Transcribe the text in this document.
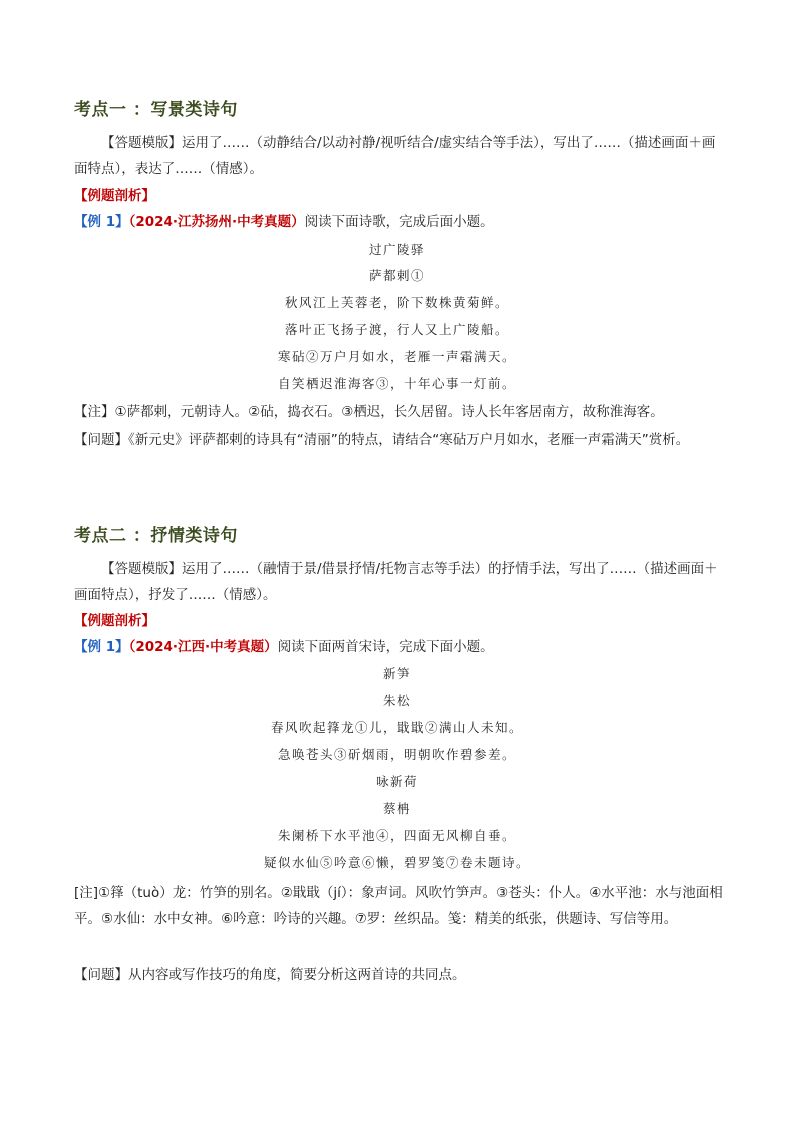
考点一 ：写景类诗句
【答题模版】运用了……（动静结合/以动衬静/视听结合/虚实结合等手法），写出了……（描述画面＋画面特点），表达了……（情感）。
【例题剖析】
【例 1】（2024·江苏扬州·中考真题）阅读下面诗歌，完成后面小题。
过广陵驿
萨都剌①
秋风江上芙蓉老，阶下数株黄菊鲜。
落叶正飞扬子渡，行人又上广陵船。
寒砧②万户月如水，老雁一声霜满天。
自笑栖迟淮海客③，十年心事一灯前。
【注】①萨都剌，元朝诗人。②砧，捣衣石。③栖迟，长久居留。诗人长年客居南方，故称淮海客。
【问题】《新元史》评萨都剌的诗具有“清丽”的特点，请结合“寒砧万户月如水，老雁一声霜满天”赏析。
考点二 ：抒情类诗句
【答题模版】运用了……（融情于景/借景抒情/托物言志等手法）的抒情手法，写出了……（描述画面＋画面特点），抒发了……（情感）。
【例题剖析】
【例 1】（2024·江西·中考真题）阅读下面两首宋诗，完成下面小题。
新笋
朱松
春风吹起箨龙①儿，戢戢②满山人未知。
急唤苍头③斫烟雨，明朝吹作碧参差。
咏新荷
蔡柟
朱阑桥下水平池④，四面无风柳自垂。
疑似水仙⑤吟意⑥懒，碧罗笺⑦卷未题诗。
[注]①箨（tuò）龙：竹笋的别名。②戢戢（jí）：象声词。风吹竹笋声。③苍头：仆人。④水平池：水与池面相平。⑤水仙：水中女神。⑥吟意：吟诗的兴趣。⑦罗：丝织品。笺：精美的纸张，供题诗、写信等用。
【问题】从内容或写作技巧的角度，简要分析这两首诗的共同点。
